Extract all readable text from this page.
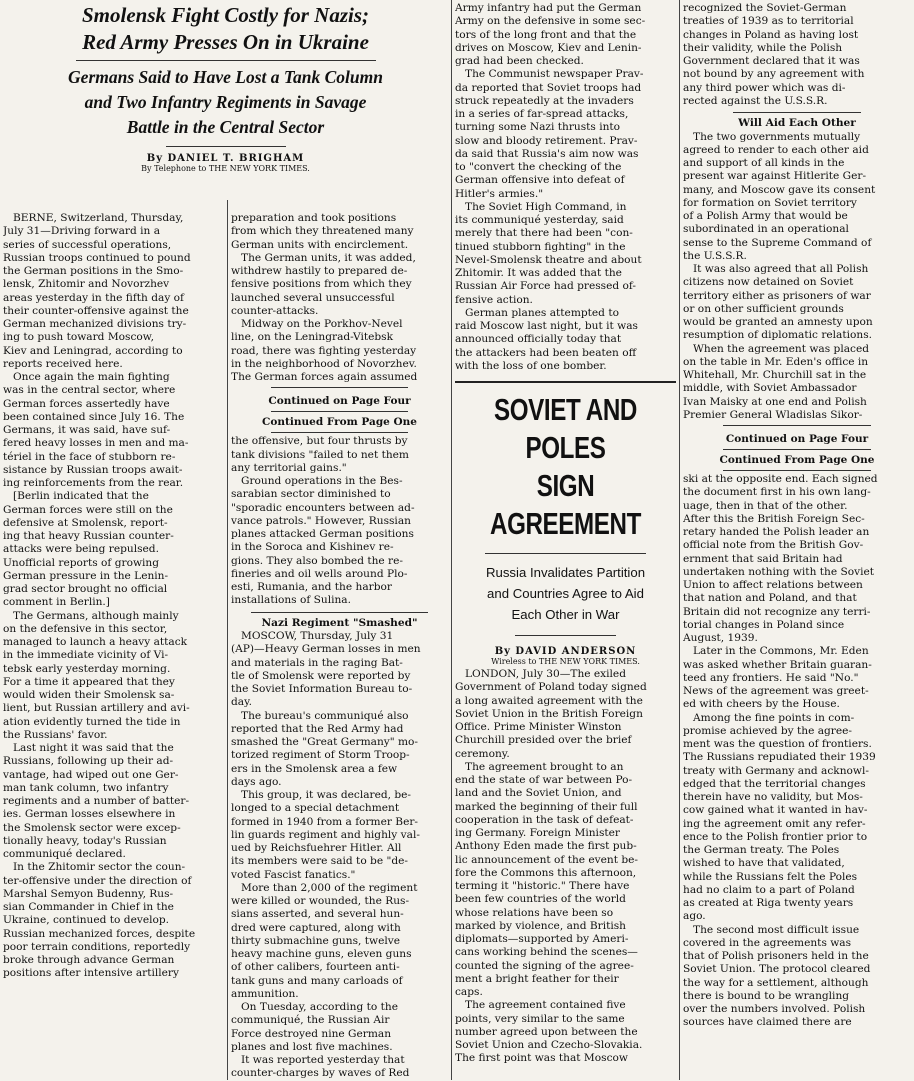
Smolensk Fight Costly for Nazis;
Red Army Presses On in Ukraine

Germans Said to Have Lost a Tank Column
and Two Infantry Regiments in Savage
Battle in the Central Sector

By DANIEL T. BRIGHAM

By Telephone to THE NEW YORK TIMES.

BERNE, Switzerland, Thursday,
July 31—Driving forward in a
series of successful operations,
Russian troops continued to pound
the German positions in the Smo-
lensk, Zhitomir and Novorzhev
areas yesterday in the fifth day of
their counter-offensive against the
German mechanized divisions try-
ing to push toward Moscow,
Kiev and Leningrad, according to
reports received here.

Once again the main fighting
was in the central sector, where
German forces assertedly have
been contained since July 16. The
Germans, it was said, have suf-
fered heavy losses in men and ma-
tériel in the face of stubborn re-
sistance by Russian troops await-
ing reinforcements from the rear.

[Berlin indicated that the
German forces were still on the
defensive at Smolensk, report-
ing that heavy Russian counter-
attacks were being repulsed.
Unofficial reports of growing
German pressure in the Lenin-
grad sector brought no official
comment in Berlin.]

The Germans, although mainly
on the defensive in this sector,
managed to launch a heavy attack
in the immediate vicinity of Vi-
tebsk early yesterday morning.
For a time it appeared that they
would widen their Smolensk sa-
lient, but Russian artillery and avi-
ation evidently turned the tide in
the Russians' favor.

Last night it was said that the
Russians, following up their ad-
vantage, had wiped out one Ger-
man tank column, two infantry
regiments and a number of batter-
ies. German losses elsewhere in
the Smolensk sector were excep-
tionally heavy, today's Russian
communiqué declared.

In the Zhitomir sector the coun-
ter-offensive under the direction of
Marshal Semyon Budenny, Rus-
sian Commander in Chief in the
Ukraine, continued to develop.
Russian mechanized forces, despite
poor terrain conditions, reportedly
broke through advance German
positions after intensive artillery

preparation and took positions
from which they threatened many
German units with encirclement.

The German units, it was added,
withdrew hastily to prepared de-
fensive positions from which they
launched several unsuccessful
counter-attacks.

Midway on the Porkhov-Nevel
line, on the Leningrad-Vitebsk
road, there was fighting yesterday
in the neighborhood of Novorzhev.
The German forces again assumed

Continued on Page Four

Continued From Page One

the offensive, but four thrusts by
tank divisions "failed to net them
any territorial gains."

Ground operations in the Bes-
sarabian sector diminished to
"sporadic encounters between ad-
vance patrols." However, Russian
planes attacked German positions
in the Soroca and Kishinev re-
gions. They also bombed the re-
fineries and oil wells around Plo-
esti, Rumania, and the harbor
installations of Sulina.

Nazi Regiment "Smashed"

MOSCOW, Thursday, July 31
(AP)—Heavy German losses in men
and materials in the raging Bat-
tle of Smolensk were reported by
the Soviet Information Bureau to-
day.

The bureau's communiqué also
reported that the Red Army had
smashed the "Great Germany" mo-
torized regiment of Storm Troop-
ers in the Smolensk area a few
days ago.

This group, it was declared, be-
longed to a special detachment
formed in 1940 from a former Ber-
lin guards regiment and highly val-
ued by Reichsfuehrer Hitler. All
its members were said to be "de-
voted Fascist fanatics."

More than 2,000 of the regiment
were killed or wounded, the Rus-
sians asserted, and several hun-
dred were captured, along with
thirty submachine guns, twelve
heavy machine guns, eleven guns
of other calibers, fourteen anti-
tank guns and many carloads of
ammunition.

On Tuesday, according to the
communiqué, the Russian Air
Force destroyed nine German
planes and lost five machines.

It was reported yesterday that
counter-charges by waves of Red

Army infantry had put the German
Army on the defensive in some sec-
tors of the long front and that the
drives on Moscow, Kiev and Lenin-
grad had been checked.

The Communist newspaper Prav-
da reported that Soviet troops had
struck repeatedly at the invaders
in a series of far-spread attacks,
turning some Nazi thrusts into
slow and bloody retirement. Prav-
da said that Russia's aim now was
to "convert the checking of the
German offensive into defeat of
Hitler's armies."

The Soviet High Command, in
its communiqué yesterday, said
merely that there had been "con-
tinued stubborn fighting" in the
Nevel-Smolensk theatre and about
Zhitomir. It was added that the
Russian Air Force had pressed of-
fensive action.

German planes attempted to
raid Moscow last night, but it was
announced officially today that
the attackers had been beaten off
with the loss of one bomber.

SOVIET AND POLES
SIGN AGREEMENT

Russia Invalidates Partition
and Countries Agree to Aid
Each Other in War

By DAVID ANDERSON

Wireless to THE NEW YORK TIMES.

LONDON, July 30—The exiled
Government of Poland today signed
a long awaited agreement with the
Soviet Union in the British Foreign
Office. Prime Minister Winston
Churchill presided over the brief
ceremony.

The agreement brought to an
end the state of war between Po-
land and the Soviet Union, and
marked the beginning of their full
cooperation in the task of defeat-
ing Germany. Foreign Minister
Anthony Eden made the first pub-
lic announcement of the event be-
fore the Commons this afternoon,
terming it "historic." There have
been few countries of the world
whose relations have been so
marked by violence, and British
diplomats—supported by Ameri-
cans working behind the scenes—
counted the signing of the agree-
ment a bright feather for their
caps.

The agreement contained five
points, very similar to the same
number agreed upon between the
Soviet Union and Czecho-Slovakia.
The first point was that Moscow

recognized the Soviet-German
treaties of 1939 as to territorial
changes in Poland as having lost
their validity, while the Polish
Government declared that it was
not bound by any agreement with
any third power which was di-
rected against the U.S.S.R.

Will Aid Each Other

The two governments mutually
agreed to render to each other aid
and support of all kinds in the
present war against Hitlerite Ger-
many, and Moscow gave its consent
for formation on Soviet territory
of a Polish Army that would be
subordinated in an operational
sense to the Supreme Command of
the U.S.S.R.

It was also agreed that all Polish
citizens now detained on Soviet
territory either as prisoners of war
or on other sufficient grounds
would be granted an amnesty upon
resumption of diplomatic relations.

When the agreement was placed
on the table in Mr. Eden's office in
Whitehall, Mr. Churchill sat in the
middle, with Soviet Ambassador
Ivan Maisky at one end and Polish
Premier General Wladislas Sikor-

Continued on Page Four

Continued From Page One

ski at the opposite end. Each signed
the document first in his own lang-
uage, then in that of the other.
After this the British Foreign Sec-
retary handed the Polish leader an
official note from the British Gov-
ernment that said Britain had
undertaken nothing with the Soviet
Union to affect relations between
that nation and Poland, and that
Britain did not recognize any terri-
torial changes in Poland since
August, 1939.

Later in the Commons, Mr. Eden
was asked whether Britain guaran-
teed any frontiers. He said "No."
News of the agreement was greet-
ed with cheers by the House.

Among the fine points in com-
promise achieved by the agree-
ment was the question of frontiers.
The Russians repudiated their 1939
treaty with Germany and acknowl-
edged that the territorial changes
therein have no validity, but Mos-
cow gained what it wanted in hav-
ing the agreement omit any refer-
ence to the Polish frontier prior to
the German treaty. The Poles
wished to have that validated,
while the Russians felt the Poles
had no claim to a part of Poland
as created at Riga twenty years
ago.

The second most difficult issue
covered in the agreements was
that of Polish prisoners held in the
Soviet Union. The protocol cleared
the way for a settlement, although
there is bound to be wrangling
over the numbers involved. Polish
sources have claimed there are
